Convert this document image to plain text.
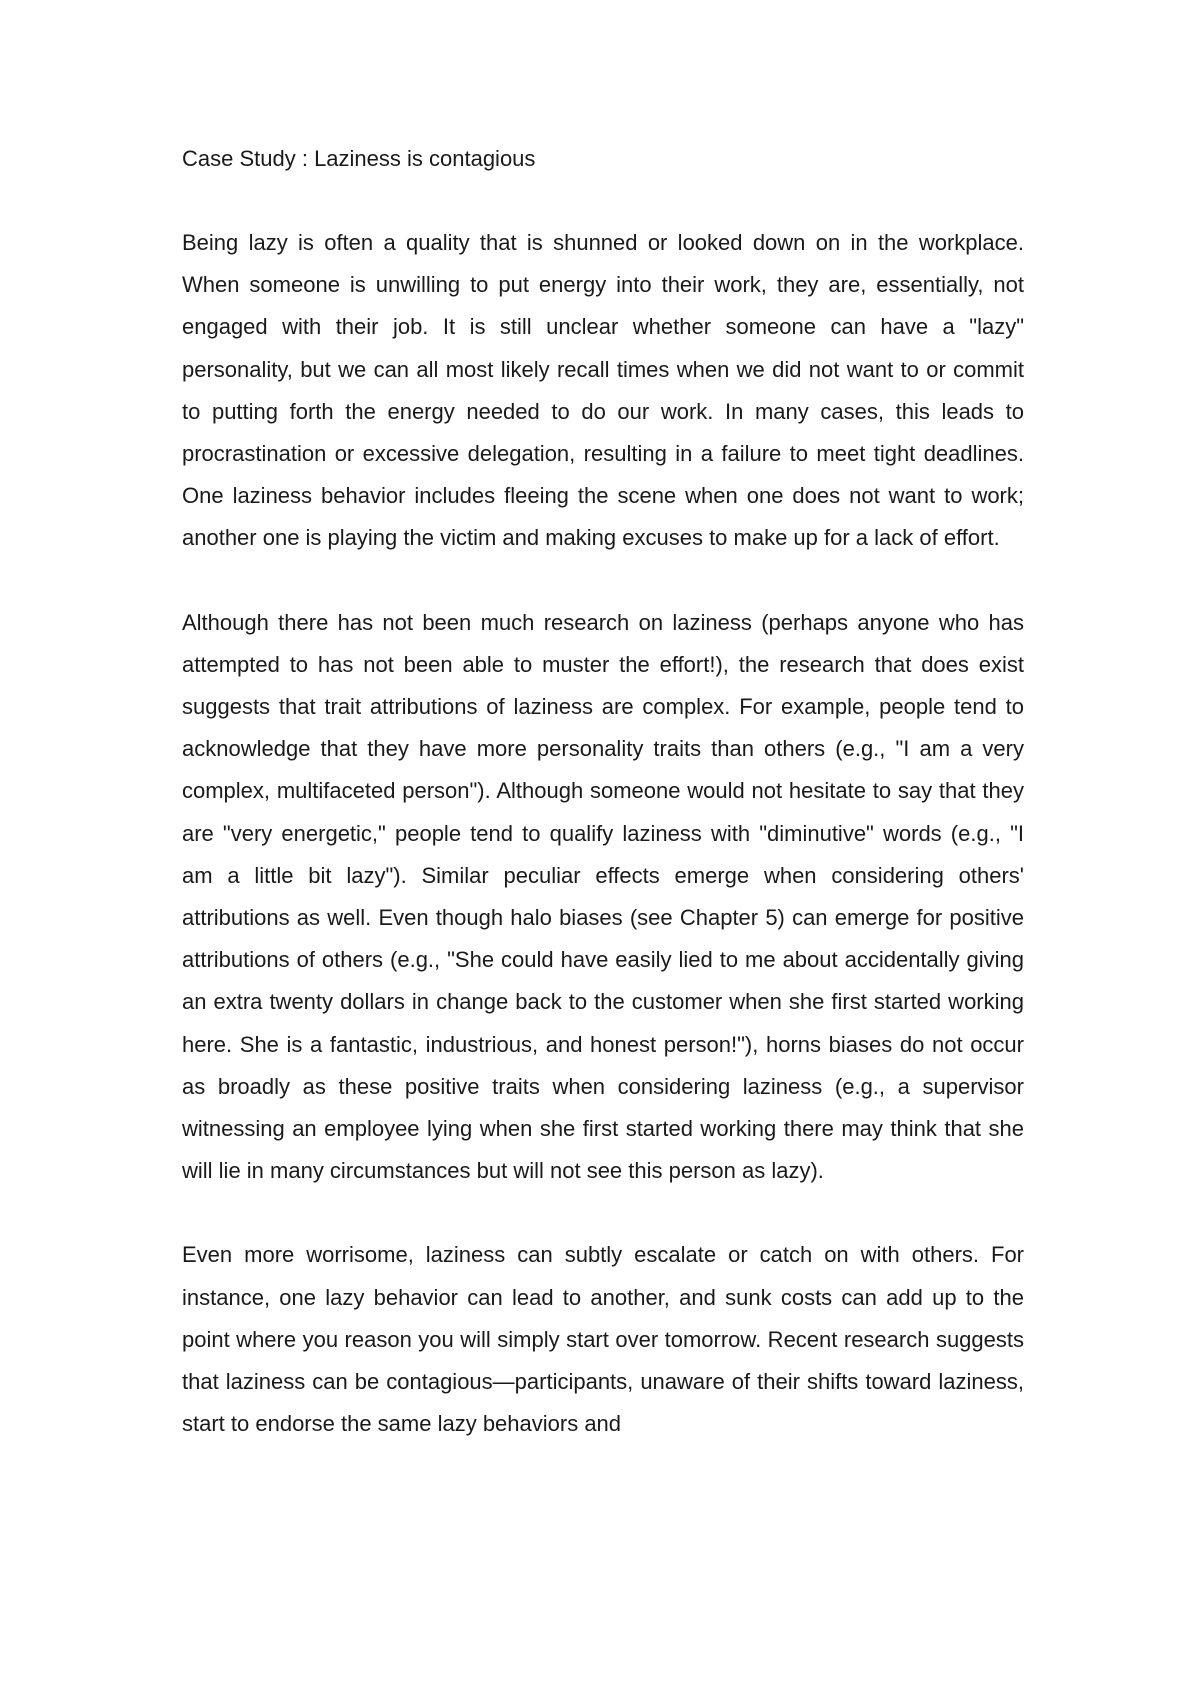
Case Study : Laziness is contagious

Being lazy is often a quality that is shunned or looked down on in the workplace. When someone is unwilling to put energy into their work, they are, essentially, not engaged with their job. It is still unclear whether someone can have a "lazy" personality, but we can all most likely recall times when we did not want to or commit to putting forth the energy needed to do our work. In many cases, this leads to procrastination or excessive delegation, resulting in a failure to meet tight deadlines. One laziness behavior includes fleeing the scene when one does not want to work; another one is playing the victim and making excuses to make up for a lack of effort.

Although there has not been much research on laziness (perhaps anyone who has attempted to has not been able to muster the effort!), the research that does exist suggests that trait attributions of laziness are complex. For example, people tend to acknowledge that they have more personality traits than others (e.g., "I am a very complex, multifaceted person"). Although someone would not hesitate to say that they are "very energetic," people tend to qualify laziness with "diminutive" words (e.g., "I am a little bit lazy"). Similar peculiar effects emerge when considering others' attributions as well. Even though halo biases (see Chapter 5) can emerge for positive attributions of others (e.g., "She could have easily lied to me about accidentally giving an extra twenty dollars in change back to the customer when she first started working here. She is a fantastic, industrious, and honest person!"), horns biases do not occur as broadly as these positive traits when considering laziness (e.g., a supervisor witnessing an employee lying when she first started working there may think that she will lie in many circumstances but will not see this person as lazy).

Even more worrisome, laziness can subtly escalate or catch on with others. For instance, one lazy behavior can lead to another, and sunk costs can add up to the point where you reason you will simply start over tomorrow. Recent research suggests that laziness can be contagious—participants, unaware of their shifts toward laziness, start to endorse the same lazy behaviors and
